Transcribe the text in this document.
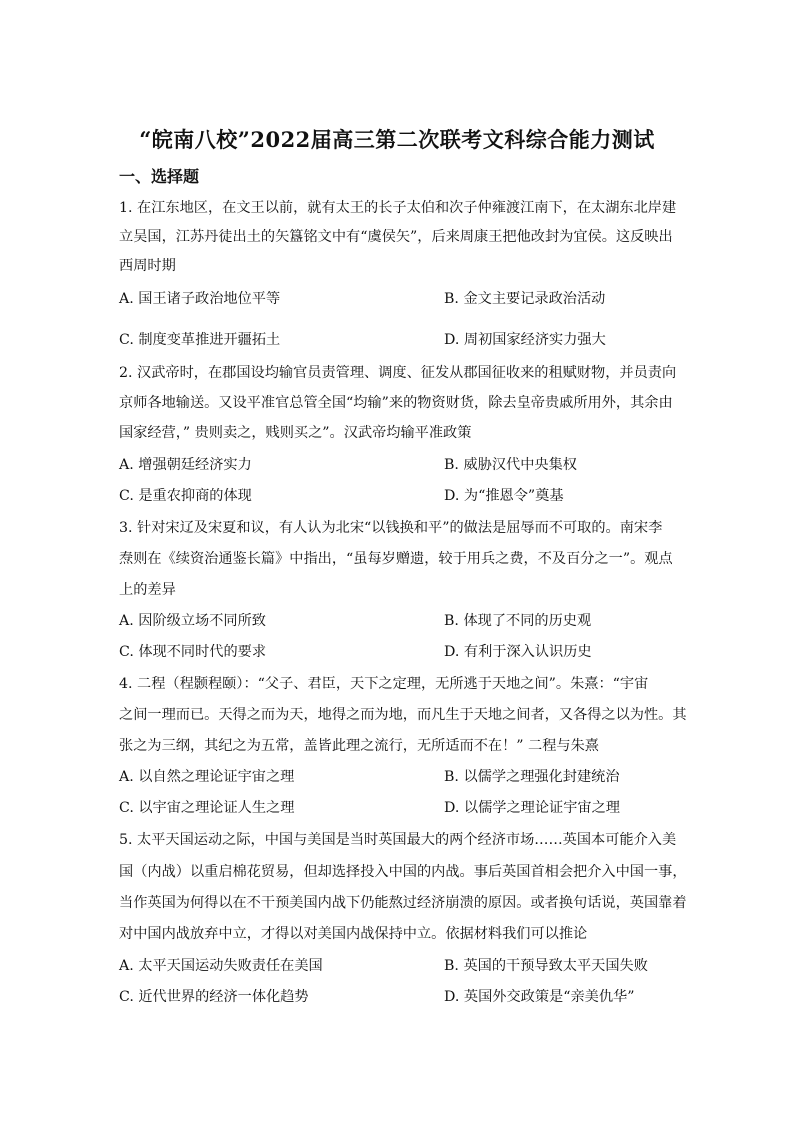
“皖南八校”2022届高三第二次联考文科综合能力测试
一、选择题
1. 在江东地区，在文王以前，就有太王的长子太伯和次子仲雍渡江南下，在太湖东北岸建
立吴国，江苏丹徒出土的矢簋铭文中有“虞侯矢”，后来周康王把他改封为宜侯。这反映出
西周时期
A. 国王诸子政治地位平等	B. 金文主要记录政治活动
C. 制度变革推进开疆拓土	D. 周初国家经济实力强大
2. 汉武帝时，在郡国设均输官员责管理、调度、征发从郡国征收来的租赋财物，并员责向
京师各地输送。又设平准官总管全国“均输”来的物资财货，除去皇帝贵戚所用外，其余由
国家经营，” 贵则卖之，贱则买之”。汉武帝均输平准政策
A. 增强朝廷经济实力	B. 威胁汉代中央集权
C. 是重农抑商的体现	D. 为“推恩令”奠基
3. 针对宋辽及宋夏和议，有人认为北宋“以钱换和平”的做法是屈辱而不可取的。南宋李
焘则在《续资治通鉴长篇》中指出，“虽每岁赠遗，较于用兵之费，不及百分之一”。观点
上的差异
A. 因阶级立场不同所致	B. 体现了不同的历史观
C. 体现不同时代的要求	D. 有利于深入认识历史
4. 二程（程颢程颐）：“父子、君臣，天下之定理，无所逃于天地之间”。朱熹：“宇宙
之间一理而已。天得之而为天，地得之而为地，而凡生于天地之间者，又各得之以为性。其
张之为三纲，其纪之为五常，盖皆此理之流行，无所适而不在！” 二程与朱熹
A. 以自然之理论证宇宙之理	B. 以儒学之理强化封建统治
C. 以宇宙之理论证人生之理	D. 以儒学之理论证宇宙之理
5. 太平天国运动之际，中国与美国是当时英国最大的两个经济市场……英国本可能介入美
国（内战）以重启棉花贸易，但却选择投入中国的内战。事后英国首相会把介入中国一事，
当作英国为何得以在不干预美国内战下仍能熬过经济崩溃的原因。或者换句话说，英国靠着
对中国内战放弃中立，才得以对美国内战保持中立。依据材料我们可以推论
A. 太平天国运动失败责任在美国	B. 英国的干预导致太平天国失败
C. 近代世界的经济一体化趋势	D. 英国外交政策是“亲美仇华”
